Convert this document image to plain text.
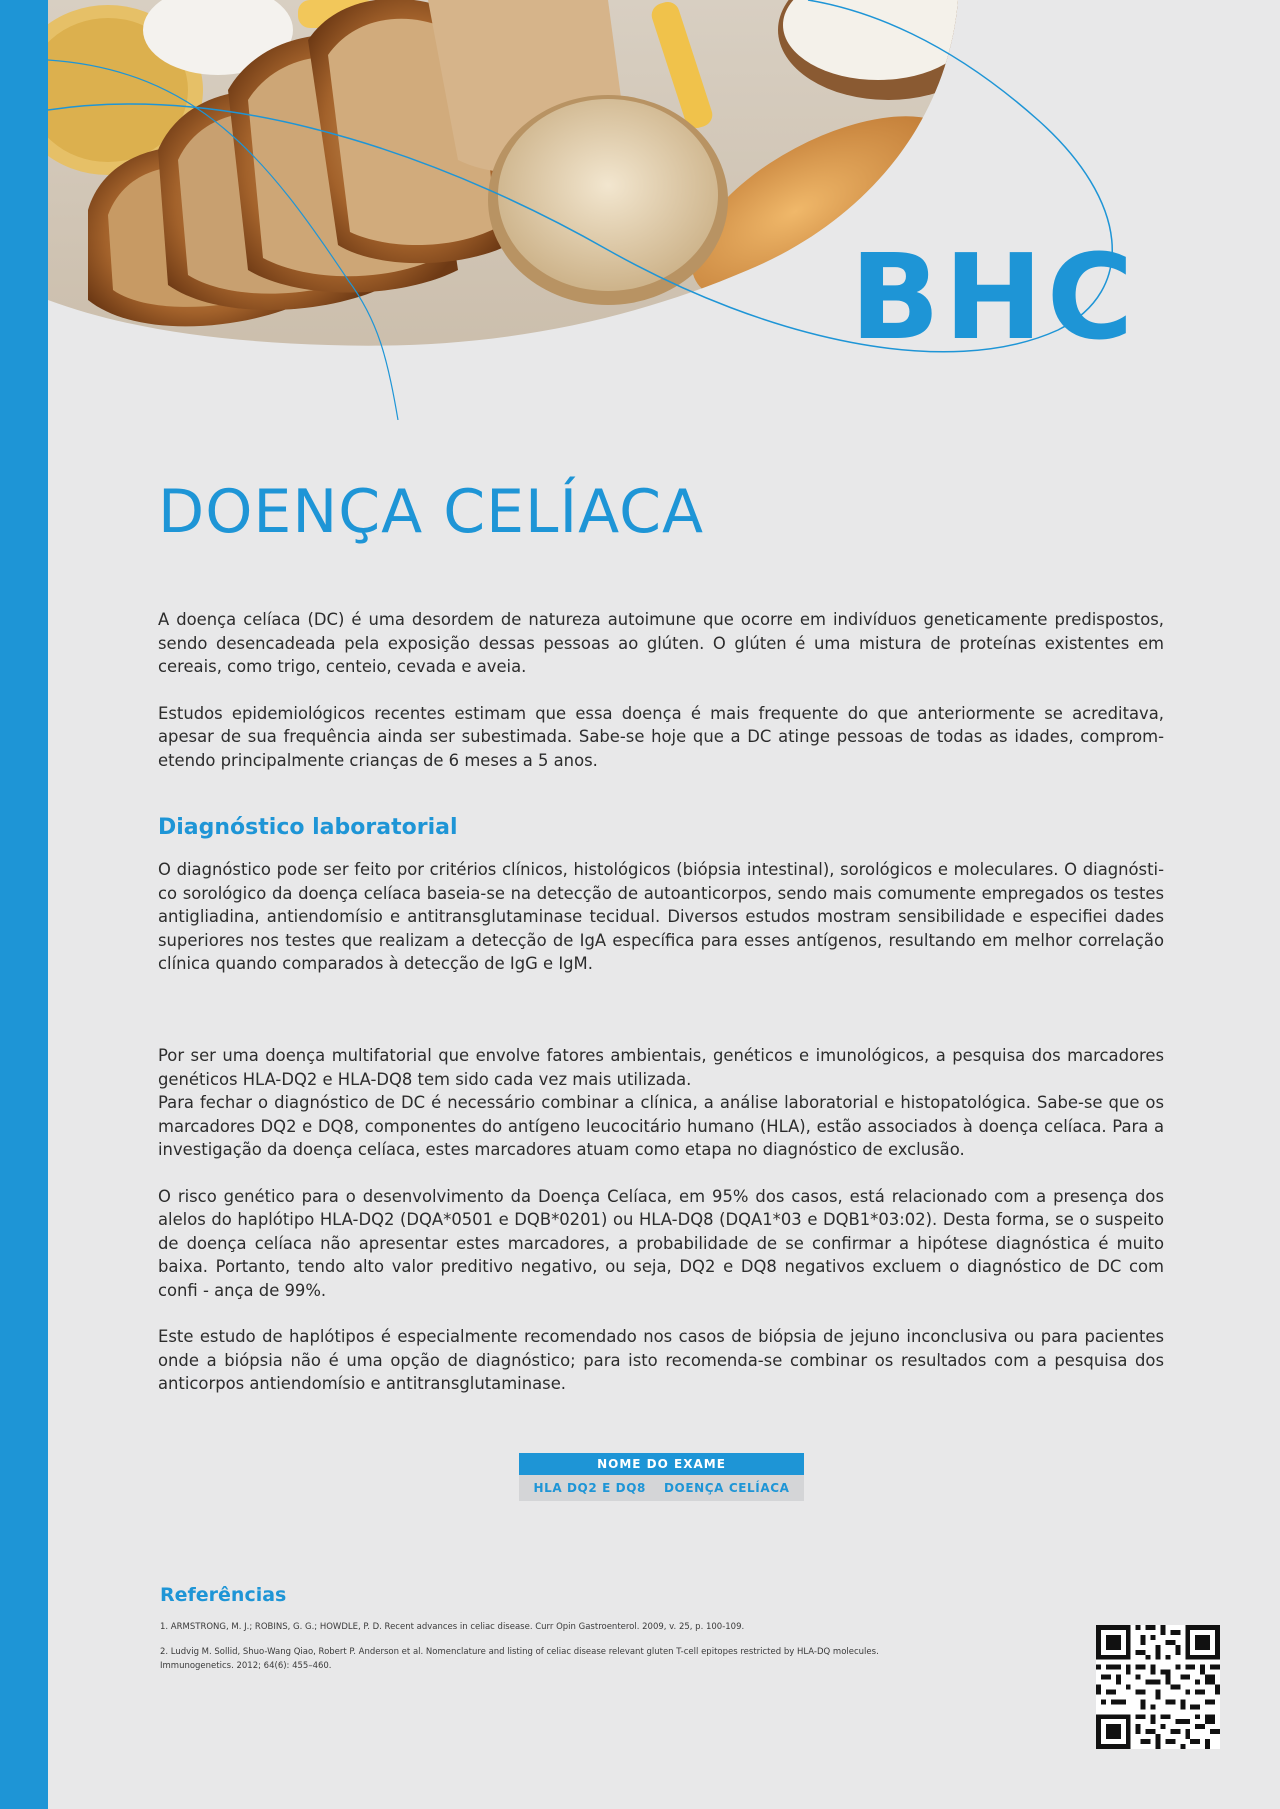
BHC
DOENÇA CELÍACA

A doença celíaca (DC) é uma desordem de natureza autoimune que ocorre em indivíduos geneticamente predispostos, sendo desencadeada pela exposição dessas pessoas ao glúten. O glúten é uma mistura de proteínas existentes em cereais, como trigo, centeio, cevada e aveia.

Estudos epidemiológicos recentes estimam que essa doença é mais frequente do que anteriormente se acreditava, apesar de sua frequência ainda ser subestimada. Sabe-se hoje que a DC atinge pessoas de todas as idades, comprom-etendo principalmente crianças de 6 meses a 5 anos.

Diagnóstico laboratorial

O diagnóstico pode ser feito por critérios clínicos, histológicos (biópsia intestinal), sorológicos e moleculares. O diagnósti-co sorológico da doença celíaca baseia-se na detecção de autoanticorpos, sendo mais comumente empregados os testes antigliadina, antiendomísio e antitransglutaminase tecidual. Diversos estudos mostram sensibilidade e especifiei dades superiores nos testes que realizam a detecção de IgA específica para esses antígenos, resultando em melhor correlação clínica quando comparados à detecção de IgG e IgM.

Por ser uma doença multifatorial que envolve fatores ambientais, genéticos e imunológicos, a pesquisa dos marcadores genéticos HLA-DQ2 e HLA-DQ8 tem sido cada vez mais utilizada.

Para fechar o diagnóstico de DC é necessário combinar a clínica, a análise laboratorial e histopatológica. Sabe-se que os marcadores DQ2 e DQ8, componentes do antígeno leucocitário humano (HLA), estão associados à doença celíaca. Para a investigação da doença celíaca, estes marcadores atuam como etapa no diagnóstico de exclusão.

O risco genético para o desenvolvimento da Doença Celíaca, em 95% dos casos, está relacionado com a presença dos alelos do haplótipo HLA-DQ2 (DQA*0501 e DQB*0201) ou HLA-DQ8 (DQA1*03 e DQB1*03:02). Desta forma, se o suspeito de doença celíaca não apresentar estes marcadores, a probabilidade de se confirmar a hipótese diagnóstica é muito baixa. Portanto, tendo alto valor preditivo negativo, ou seja, DQ2 e DQ8 negativos excluem o diagnóstico de DC com confi - ança de 99%.

Este estudo de haplótipos é especialmente recomendado nos casos de biópsia de jejuno inconclusiva ou para pacientes onde a biópsia não é uma opção de diagnóstico; para isto recomenda-se combinar os resultados com a pesquisa dos anticorpos antiendomísio e antitransglutaminase.

NOME DO EXAME
HLA DQ2 E DQ8 DOENÇA CELÍACA
Referências
1. ARMSTRONG, M. J.; ROBINS, G. G.; HOWDLE, P. D. Recent advances in celiac disease. Curr Opin Gastroenterol. 2009, v. 25, p. 100-109.
2. Ludvig M. Sollid, Shuo-Wang Qiao, Robert P. Anderson et al. Nomenclature and listing of celiac disease relevant gluten T-cell epitopes restricted by HLA-DQ molecules. Immunogenetics. 2012; 64(6): 455–460.
